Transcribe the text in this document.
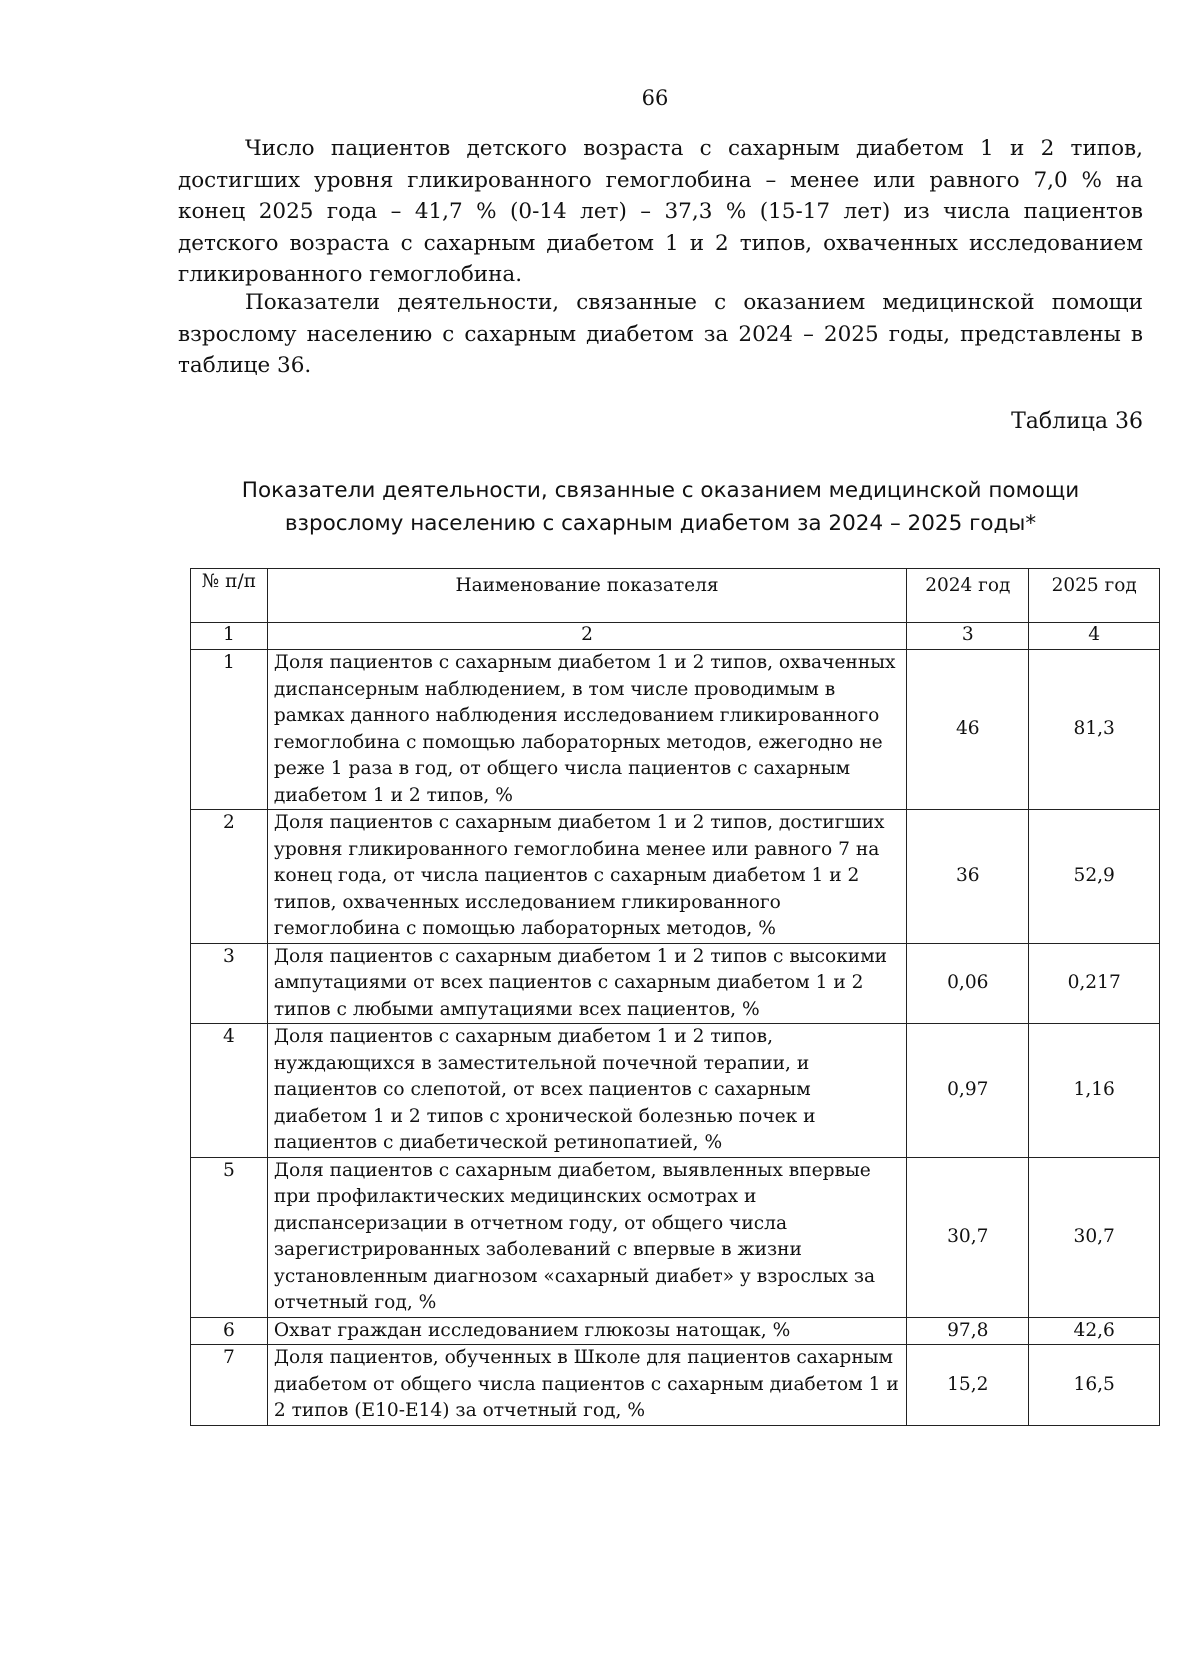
66

Число пациентов детского возраста с сахарным диабетом 1 и 2 типов, достигших уровня гликированного гемоглобина – менее или равного 7,0 % на конец 2025 года – 41,7 % (0-14 лет) – 37,3 % (15-17 лет) из числа пациентов детского возраста с сахарным диабетом 1 и 2 типов, охваченных исследованием гликированного гемоглобина.

Показатели деятельности, связанные с оказанием медицинской помощи взрослому населению с сахарным диабетом за 2024 – 2025 годы, представлены в таблице 36.

Таблица 36
Показатели деятельности, связанные с оказанием медицинской помощи
взрослому населению с сахарным диабетом за 2024 – 2025 годы*
№ п/п	Наименование показателя	2024 год	2025 год
1	2	3	4
1	Доля пациентов с сахарным диабетом 1 и 2 типов, охваченных диспансерным наблюдением, в том числе проводимым в рамках данного наблюдения исследованием гликированного гемоглобина с помощью лабораторных методов, ежегодно не реже 1 раза в год, от общего числа пациентов с сахарным диабетом 1 и 2 типов, %	46	81,3
2	Доля пациентов с сахарным диабетом 1 и 2 типов, достигших уровня гликированного гемоглобина менее или равного 7 на конец года, от числа пациентов с сахарным диабетом 1 и 2 типов, охваченных исследованием гликированного гемоглобина с помощью лабораторных методов, %	36	52,9
3	Доля пациентов с сахарным диабетом 1 и 2 типов с высокими ампутациями от всех пациентов с сахарным диабетом 1 и 2 типов с любыми ампутациями всех пациентов, %	0,06	0,217
4	Доля пациентов с сахарным диабетом 1 и 2 типов, нуждающихся в заместительной почечной терапии, и пациентов со слепотой, от всех пациентов с сахарным диабетом 1 и 2 типов с хронической болезнью почек и пациентов с диабетической ретинопатией, %	0,97	1,16
5	Доля пациентов с сахарным диабетом, выявленных впервые при профилактических медицинских осмотрах и диспансеризации в отчетном году, от общего числа зарегистрированных заболеваний с впервые в жизни установленным диагнозом «сахарный диабет» у взрослых за отчетный год, %	30,7	30,7
6	Охват граждан исследованием глюкозы натощак, %	97,8	42,6
7	Доля пациентов, обученных в Школе для пациентов сахарным диабетом от общего числа пациентов с сахарным диабетом 1 и 2 типов (E10-E14) за отчетный год, %	15,2	16,5
